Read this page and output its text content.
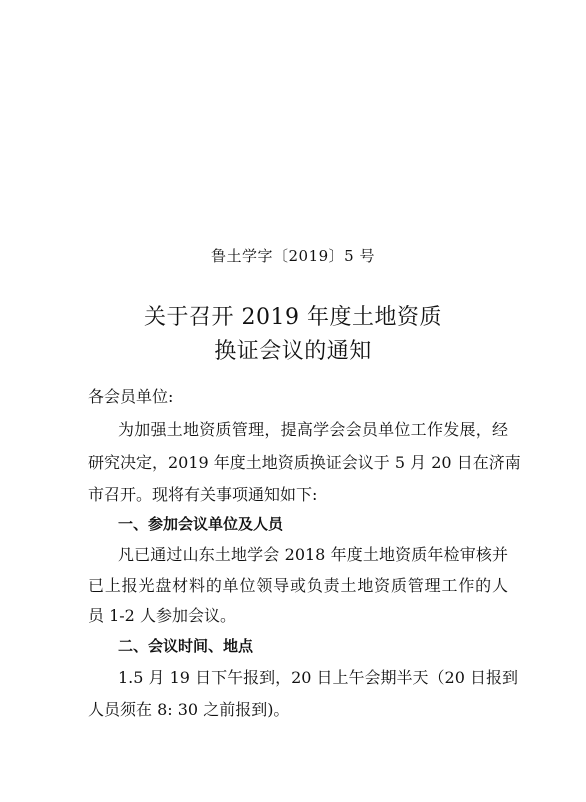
鲁土学字〔2019〕5 号
关于召开 2019 年度土地资质
换证会议的通知
各会员单位:
为加强土地资质管理，提高学会会员单位工作发展，经
研究决定，2019 年度土地资质换证会议于 5 月 20 日在济南
市召开。现将有关事项通知如下:
一、参加会议单位及人员
凡已通过山东土地学会 2018 年度土地资质年检审核并
已上报光盘材料的单位领导或负责土地资质管理工作的人
员 1-2 人参加会议。
二、会议时间、地点
1.5 月 19 日下午报到，20 日上午会期半天（20 日报到
人员须在 8: 30 之前报到)。
